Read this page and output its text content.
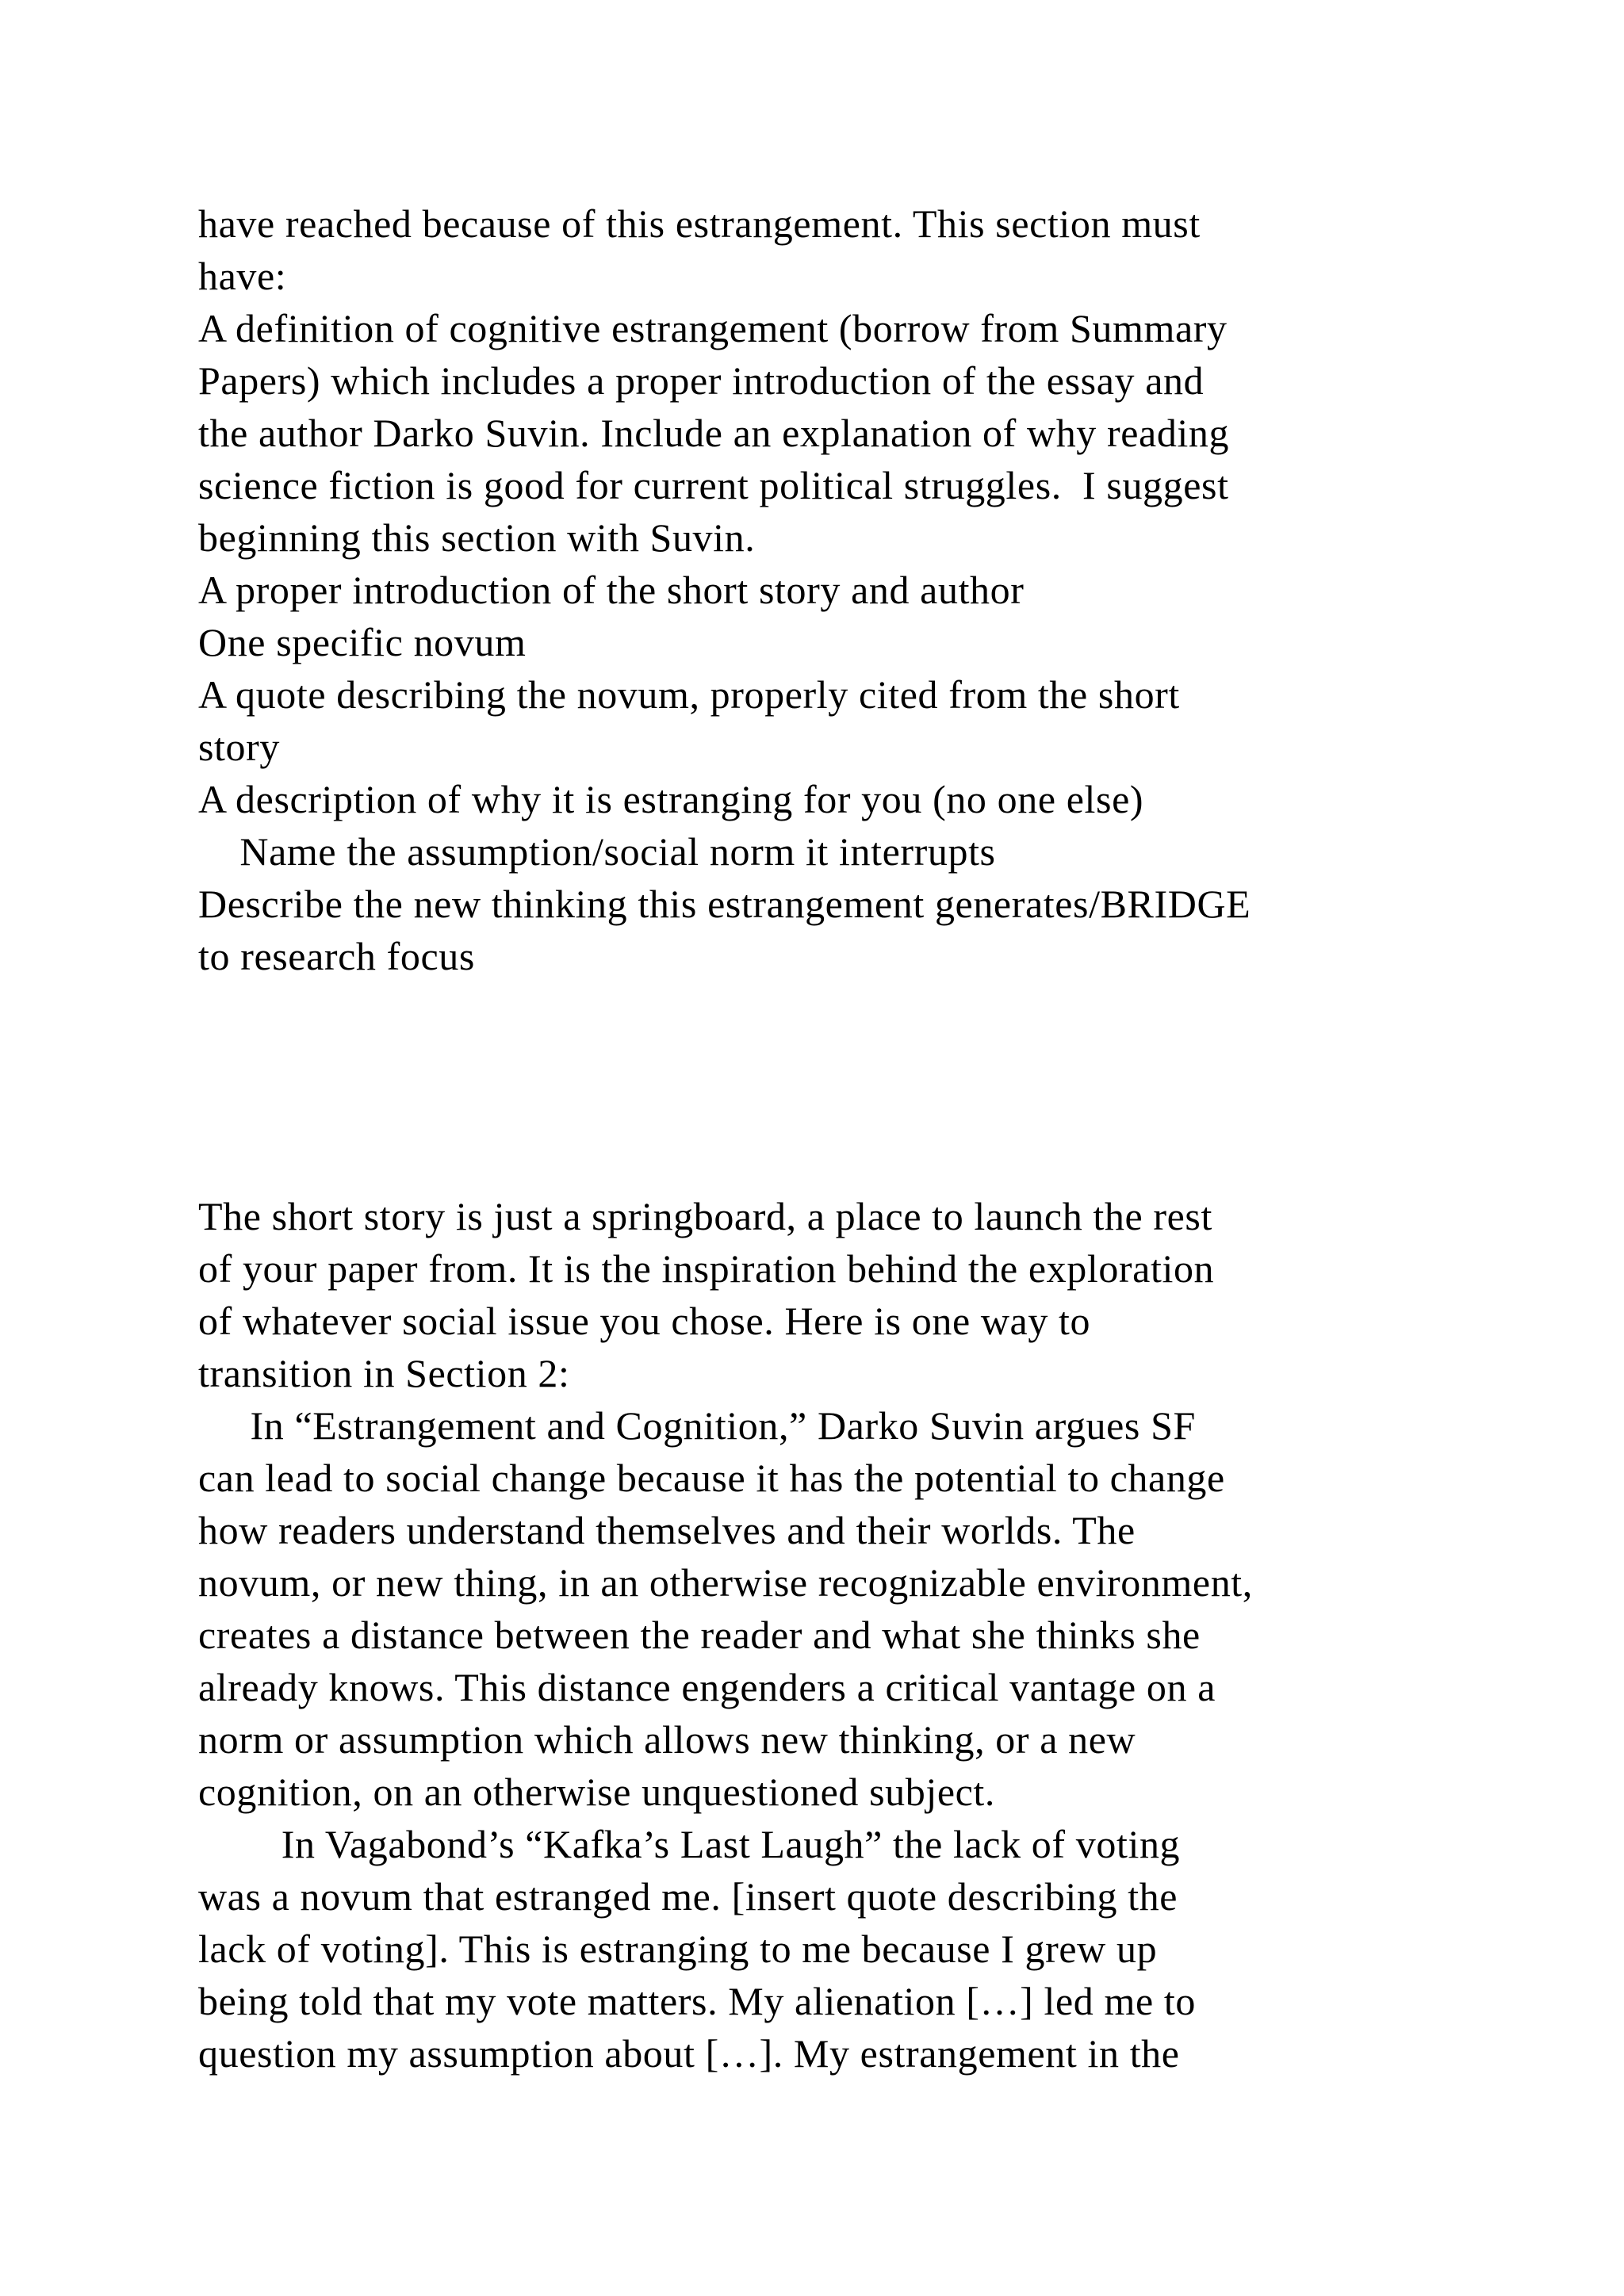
have reached because of this estrangement. This section must
have:
A definition of cognitive estrangement (borrow from Summary
Papers) which includes a proper introduction of the essay and
the author Darko Suvin. Include an explanation of why reading
science fiction is good for current political struggles.  I suggest
beginning this section with Suvin.
A proper introduction of the short story and author
One specific novum
A quote describing the novum, properly cited from the short
story
A description of why it is estranging for you (no one else)
Name the assumption/social norm it interrupts
Describe the new thinking this estrangement generates/BRIDGE
to research focus
The short story is just a springboard, a place to launch the rest
of your paper from. It is the inspiration behind the exploration
of whatever social issue you chose. Here is one way to
transition in Section 2:
In “Estrangement and Cognition,” Darko Suvin argues SF
can lead to social change because it has the potential to change
how readers understand themselves and their worlds. The
novum, or new thing, in an otherwise recognizable environment,
creates a distance between the reader and what she thinks she
already knows. This distance engenders a critical vantage on a
norm or assumption which allows new thinking, or a new
cognition, on an otherwise unquestioned subject.
In Vagabond’s “Kafka’s Last Laugh” the lack of voting
was a novum that estranged me. [insert quote describing the
lack of voting]. This is estranging to me because I grew up
being told that my vote matters. My alienation […] led me to
question my assumption about […]. My estrangement in the
